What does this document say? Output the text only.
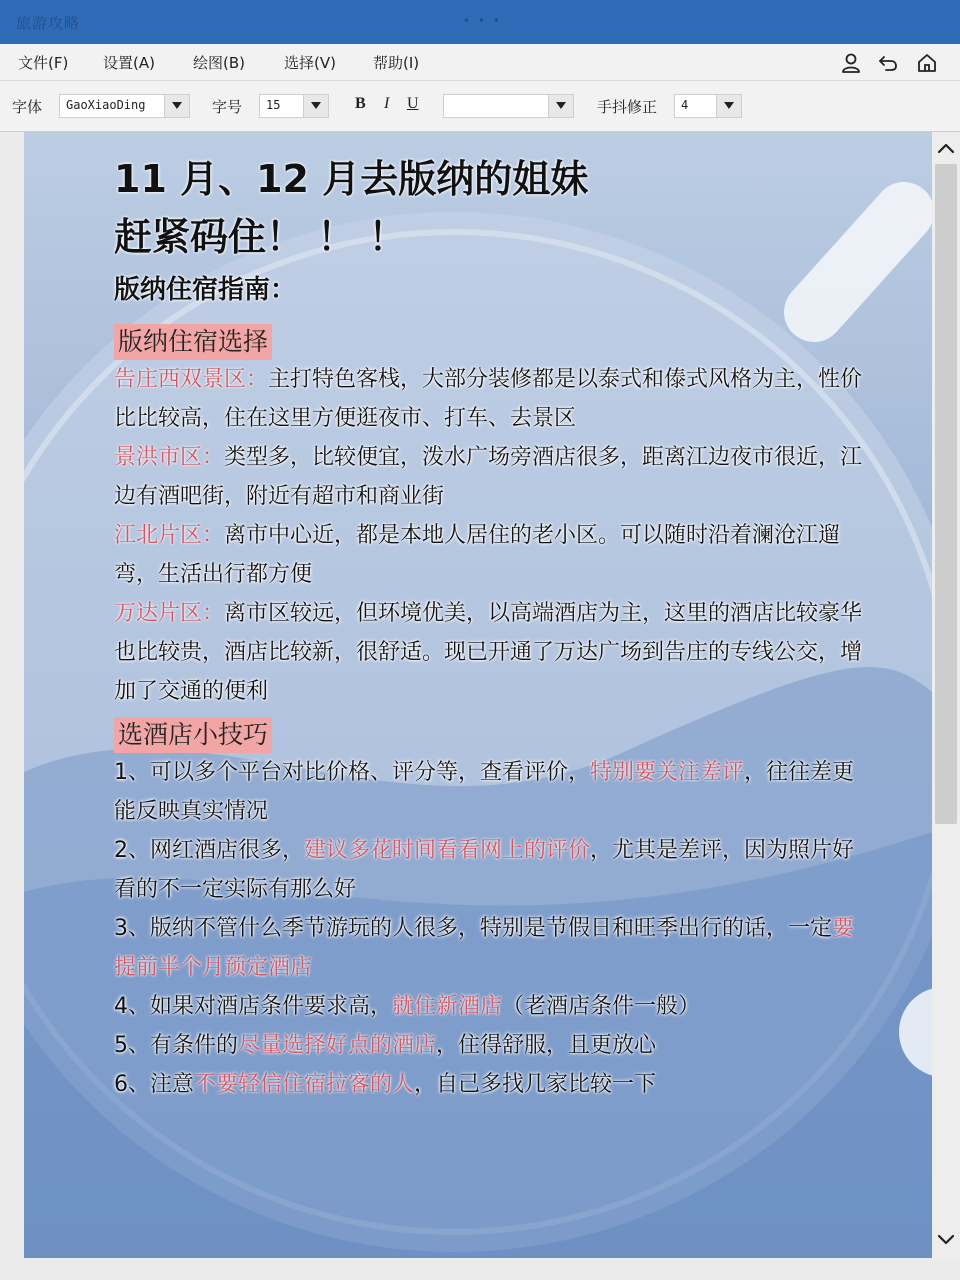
旅游攻略	• • •
文件(F) 设置(A)	绘图(B)	选择(V) 帮助(I)
字体 GaoXiaoDing	字号 15	B I U	手抖修正 4
11 月、12 月去版纳的姐妹
赶紧码住！ ！ ！
版纳住宿指南：
版纳住宿选择
告庄西双景区：主打特色客栈，大部分装修都是以泰式和傣式风格为主，性价比比较高，住在这里方便逛夜市、打车、去景区
景洪市区：类型多，比较便宜，泼水广场旁酒店很多，距离江边夜市很近，江边有酒吧街，附近有超市和商业街
江北片区：离市中心近，都是本地人居住的老小区。可以随时沿着澜沧江遛弯，生活出行都方便
万达片区：离市区较远，但环境优美，以高端酒店为主，这里的酒店比较豪华也比较贵，酒店比较新，很舒适。现已开通了万达广场到告庄的专线公交，增加了交通的便利
选酒店小技巧
1、可以多个平台对比价格、评分等，查看评价，特别要关注差评，往往差更能反映真实情况
2、网红酒店很多，建议多花时间看看网上的评价，尤其是差评，因为照片好看的不一定实际有那么好
3、版纳不管什么季节游玩的人很多，特别是节假日和旺季出行的话，一定要提前半个月预定酒店
4、如果对酒店条件要求高，就住新酒店（老酒店条件一般）
5、有条件的尽量选择好点的酒店，住得舒服，且更放心
6、注意不要轻信住宿拉客的人，自己多找几家比较一下
